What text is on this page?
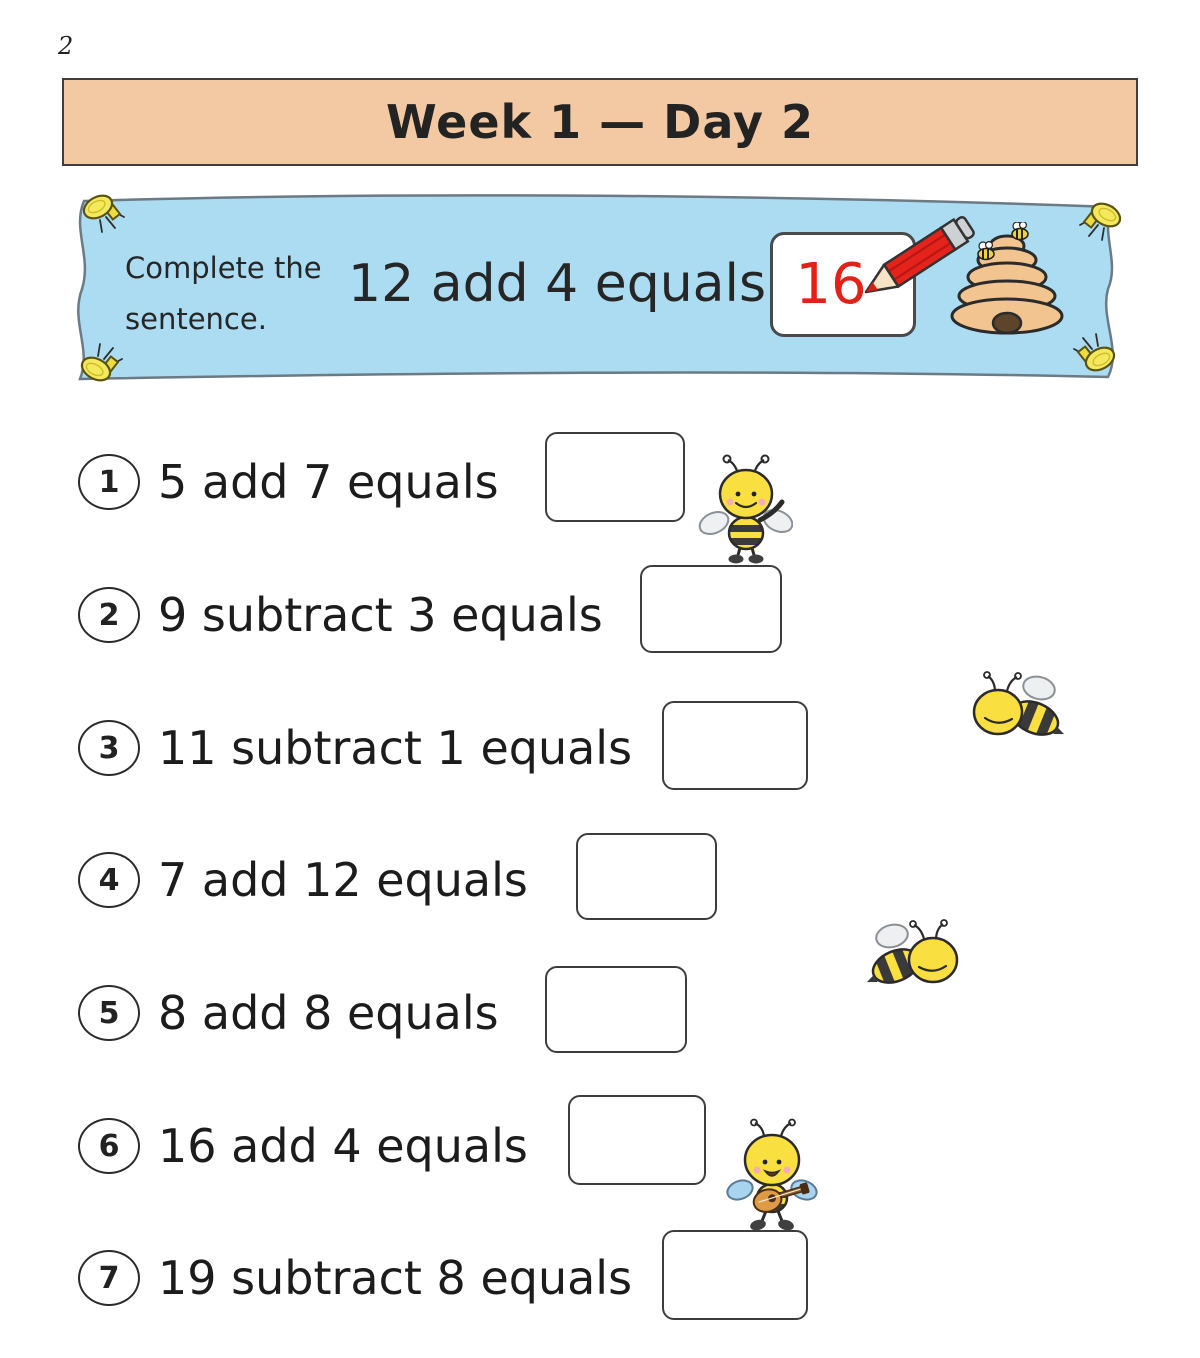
2
Week 1 — Day 2
Complete the
sentence.
12 add 4 equals 16
1 5 add 7 equals
2 9 subtract 3 equals
3 11 subtract 1 equals
4 7 add 12 equals
5 8 add 8 equals
6 16 add 4 equals
7 19 subtract 8 equals
